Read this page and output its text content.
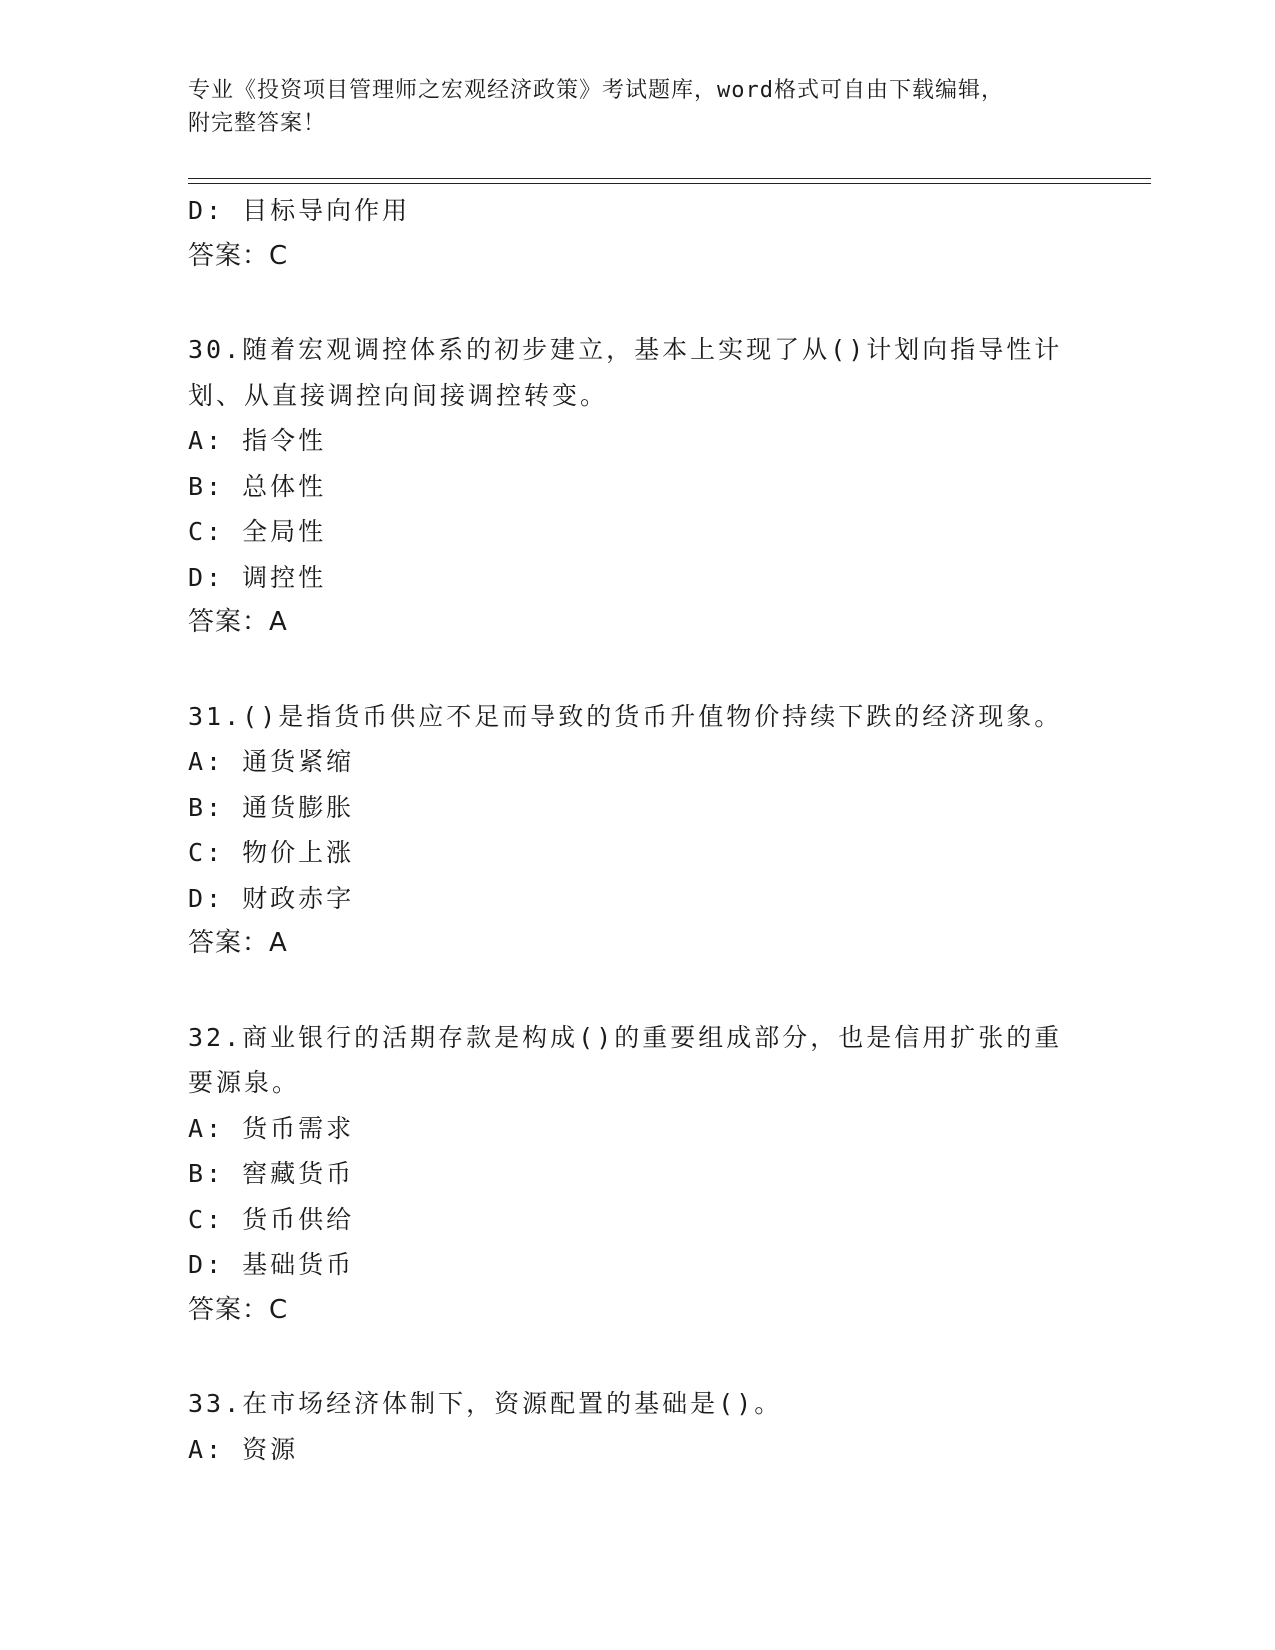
专业《投资项目管理师之宏观经济政策》考试题库，word格式可自由下载编辑，
附完整答案！
D: 目标导向作用
答案：C
30.随着宏观调控体系的初步建立，基本上实现了从()计划向指导性计
划、从直接调控向间接调控转变。
A: 指令性
B: 总体性
C: 全局性
D: 调控性
答案：A
31.()是指货币供应不足而导致的货币升值物价持续下跌的经济现象。
A: 通货紧缩
B: 通货膨胀
C: 物价上涨
D: 财政赤字
答案：A
32.商业银行的活期存款是构成()的重要组成部分，也是信用扩张的重
要源泉。
A: 货币需求
B: 窖藏货币
C: 货币供给
D: 基础货币
答案：C
33.在市场经济体制下，资源配置的基础是()。
A: 资源
